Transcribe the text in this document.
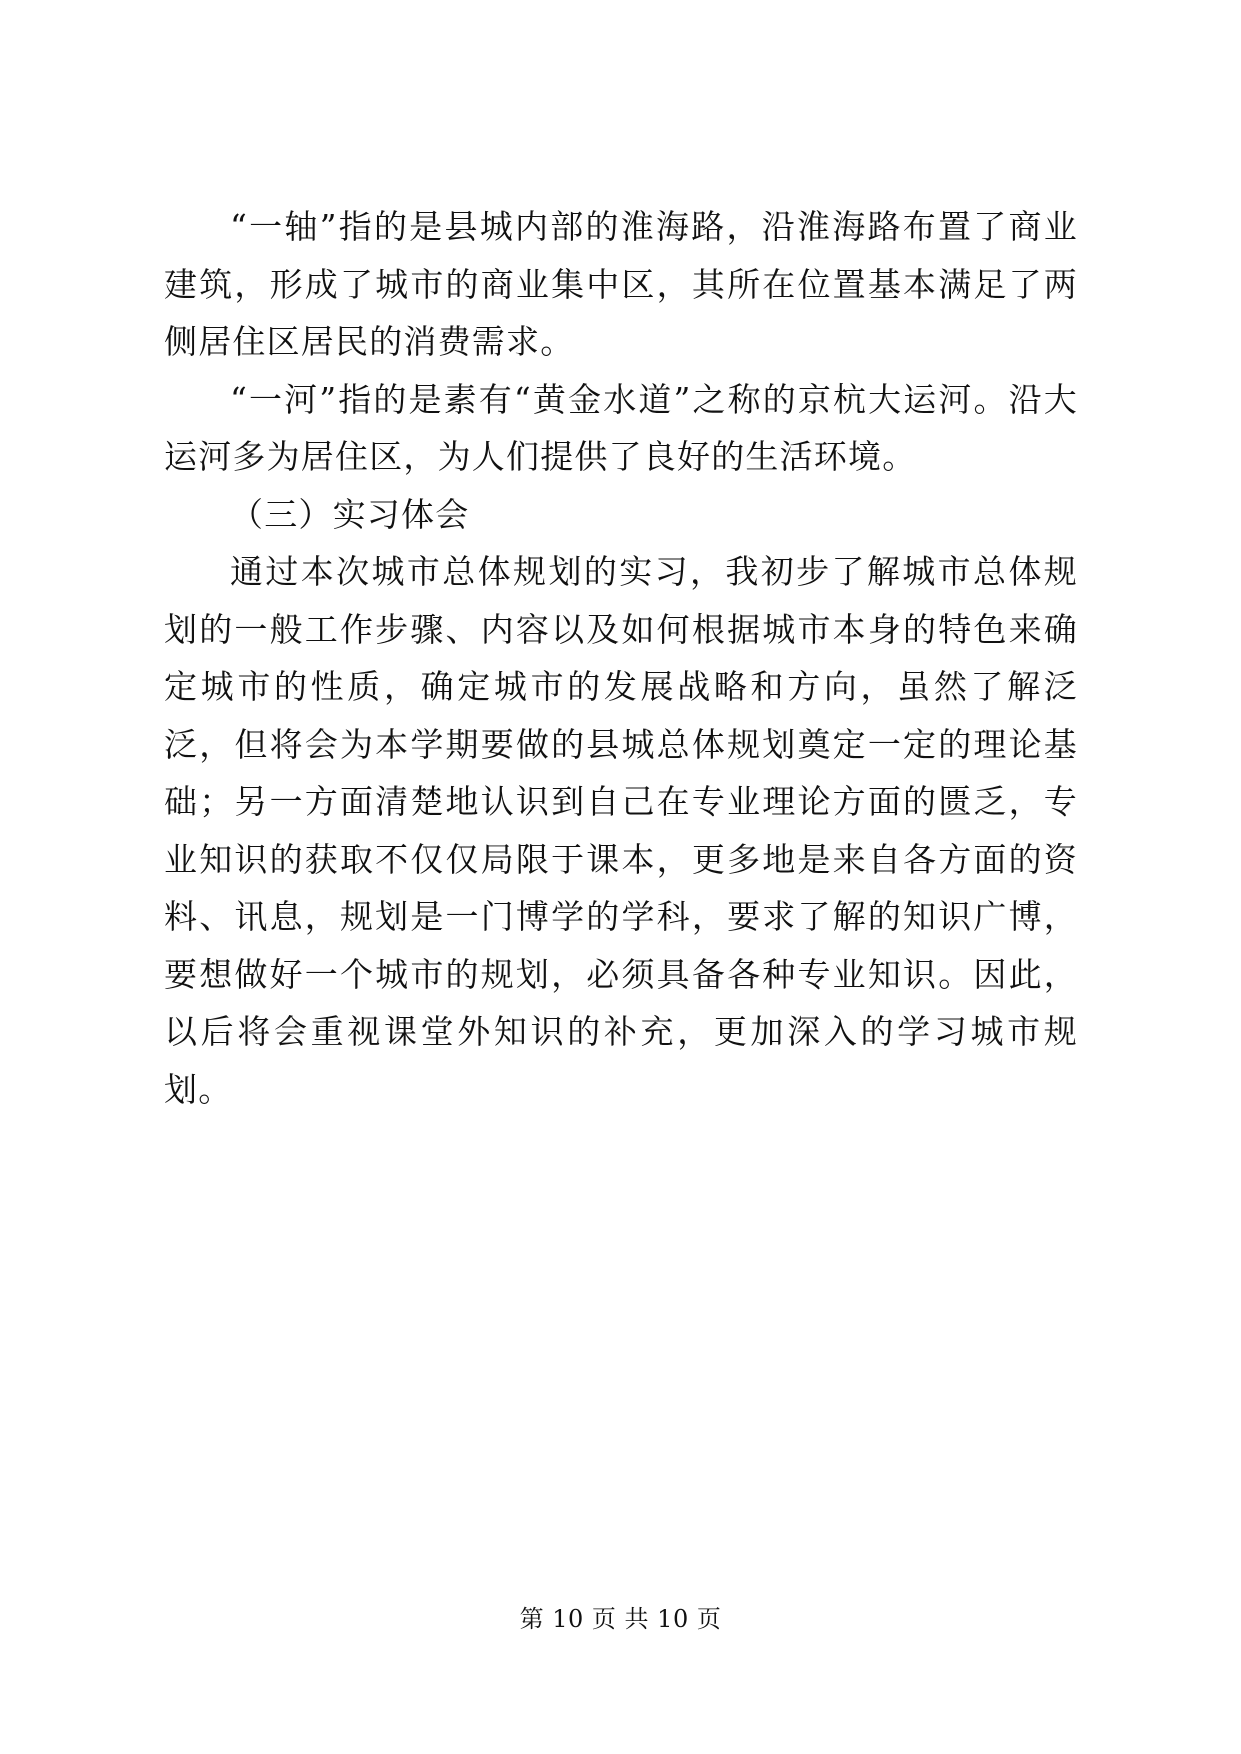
“一轴”指的是县城内部的淮海路，沿淮海路布置了商业建筑，形成了城市的商业集中区，其所在位置基本满足了两侧居住区居民的消费需求。

“一河”指的是素有“黄金水道”之称的京杭大运河。沿大运河多为居住区，为人们提供了良好的生活环境。

（三）实习体会

通过本次城市总体规划的实习，我初步了解城市总体规划的一般工作步骤、内容以及如何根据城市本身的特色来确定城市的性质，确定城市的发展战略和方向，虽然了解泛泛，但将会为本学期要做的县城总体规划奠定一定的理论基础；另一方面清楚地认识到自己在专业理论方面的匮乏，专业知识的获取不仅仅局限于课本，更多地是来自各方面的资料、讯息，规划是一门博学的学科，要求了解的知识广博，要想做好一个城市的规划，必须具备各种专业知识。因此，以后将会重视课堂外知识的补充，更加深入的学习城市规划。

第 10 页 共 10 页
